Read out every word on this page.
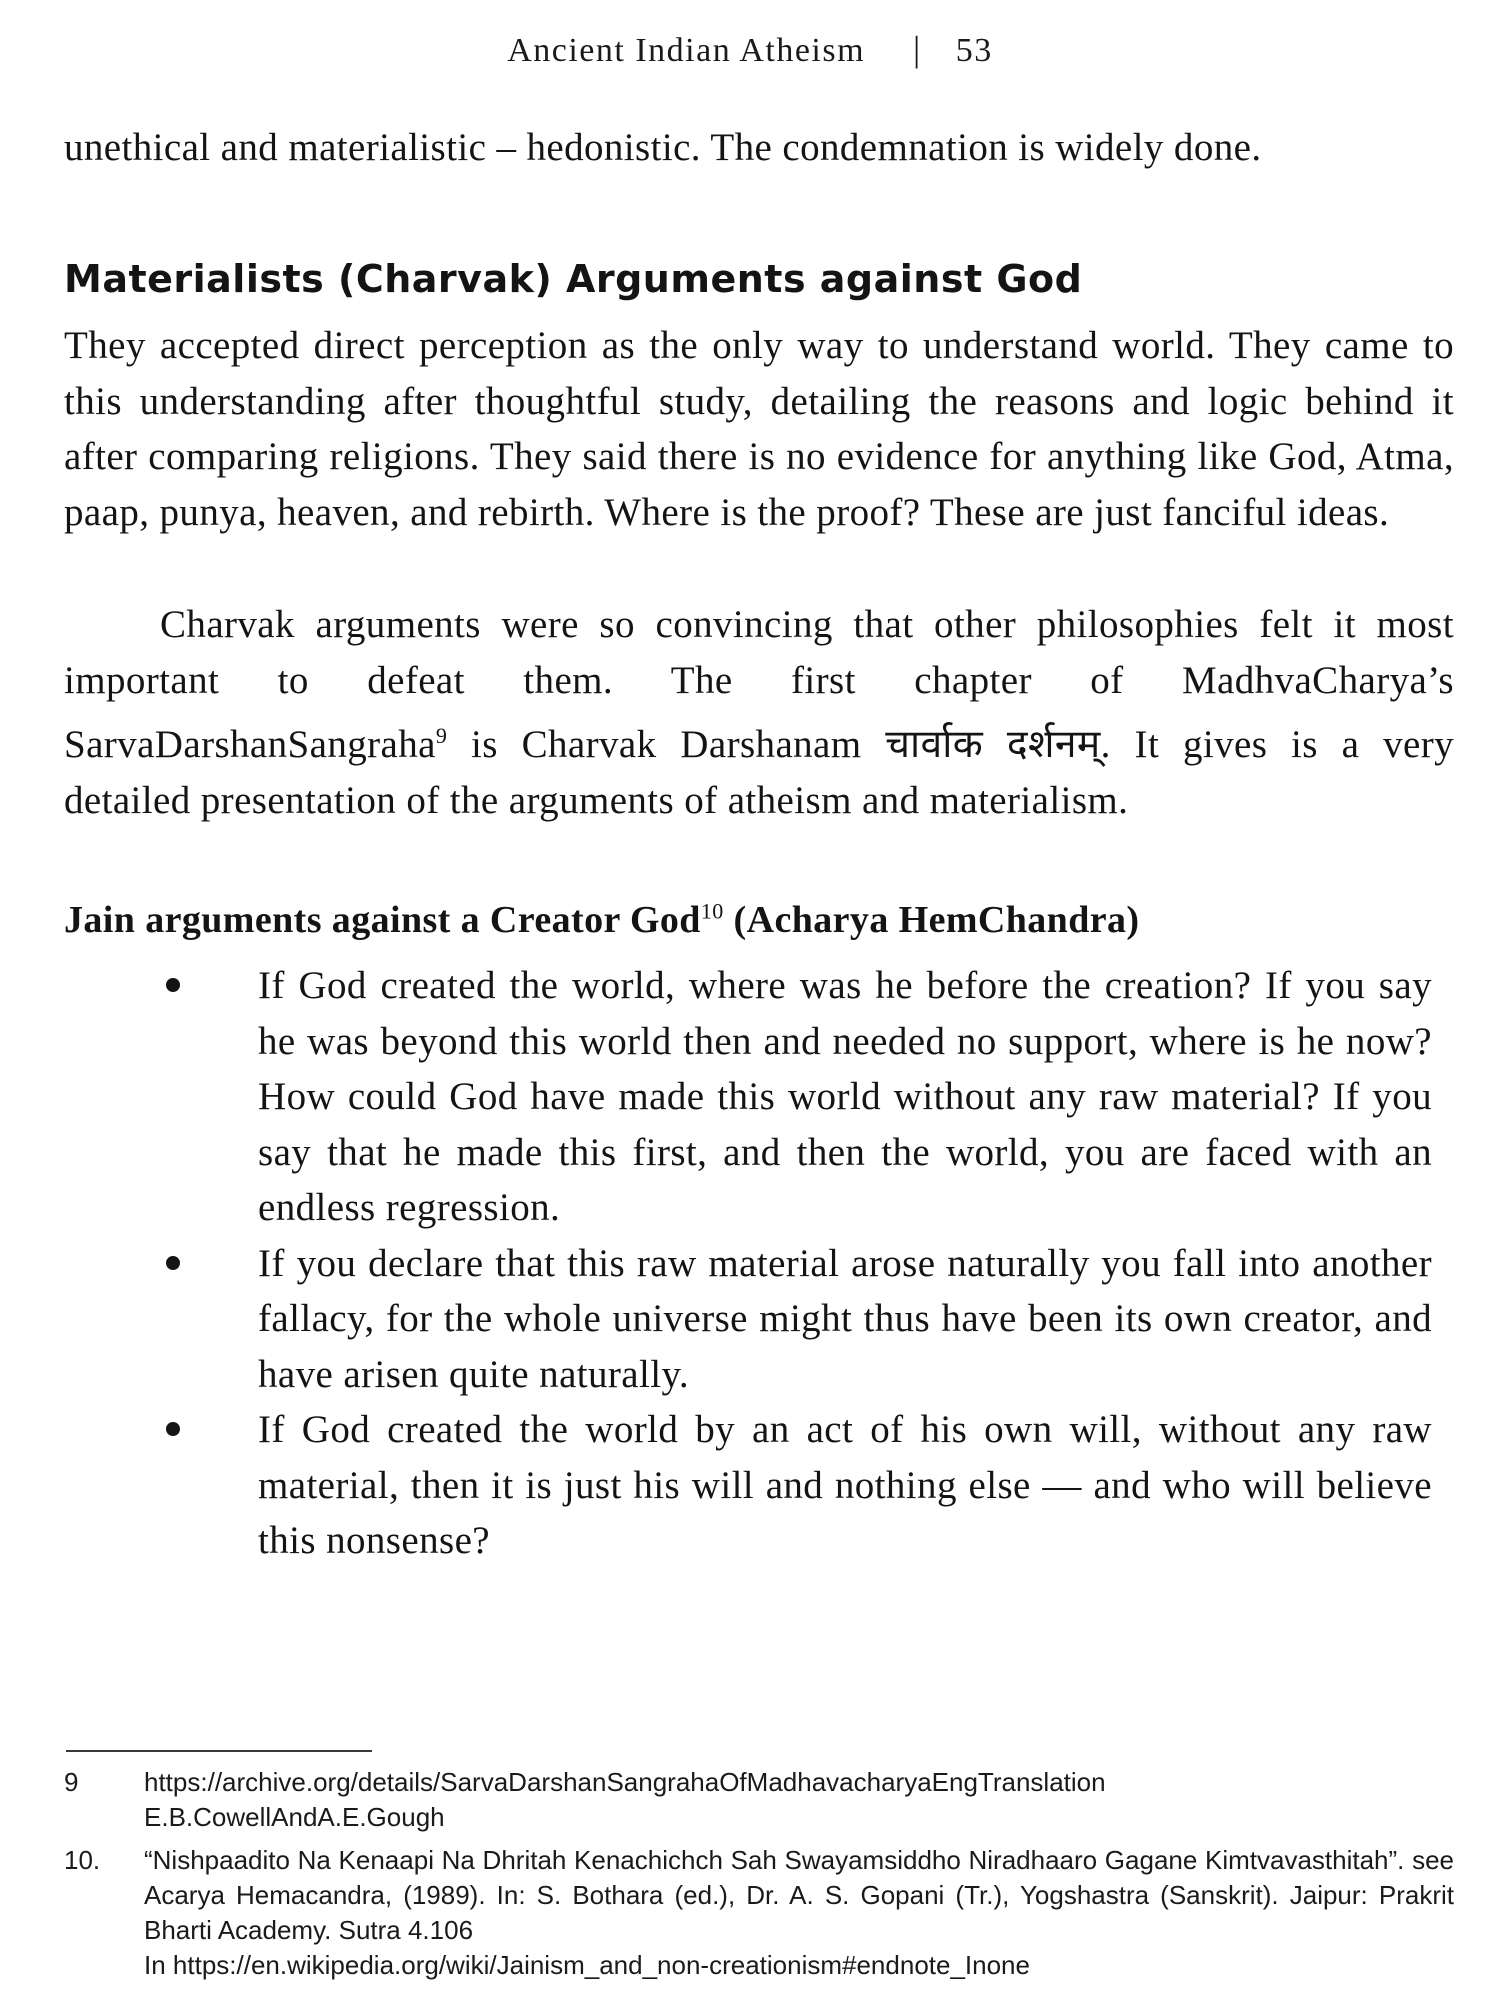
Ancient Indian Atheism | 53

unethical and materialistic – hedonistic. The condemnation is widely done.

Materialists (Charvak) Arguments against God

They accepted direct perception as the only way to understand world. They came to this understanding after thoughtful study, detailing the reasons and logic behind it after comparing religions. They said there is no evidence for anything like God, Atma, paap, punya, heaven, and rebirth. Where is the proof? These are just fanciful ideas.

Charvak arguments were so convincing that other philosophies felt it most important to defeat them. The first chapter of MadhvaCharya’s SarvaDarshanSangraha$^9$ is Charvak Darshanam चार्वाक दर्शनम्. It gives is a very detailed presentation of the arguments of atheism and materialism.

Jain arguments against a Creator God$^{10}$ (Acharya HemChandra)
If God created the world, where was he before the creation? If you say he was beyond this world then and needed no support, where is he now? How could God have made this world without any raw material? If you say that he made this first, and then the world, you are faced with an endless regression.
If you declare that this raw material arose naturally you fall into another fallacy, for the whole universe might thus have been its own creator, and have arisen quite naturally.
If God created the world by an act of his own will, without any raw material, then it is just his will and nothing else — and who will believe this nonsense?
9	https://archive.org/details/SarvaDarshanSangrahaOfMadhavacharyaEngTranslation
E.B.CowellAndA.E.Gough
10.	“Nishpaadito Na Kenaapi Na Dhritah Kenachichch Sah Swayamsiddho Niradhaaro Gagane Kimtvavasthitah”. see Acarya Hemacandra, (1989). In: S. Bothara (ed.), Dr. A. S. Gopani (Tr.), Yogshastra (Sanskrit). Jaipur: Prakrit Bharti Academy. Sutra 4.106
In https://en.wikipedia.org/wiki/Jainism_and_non-creationism#endnote_Inone
